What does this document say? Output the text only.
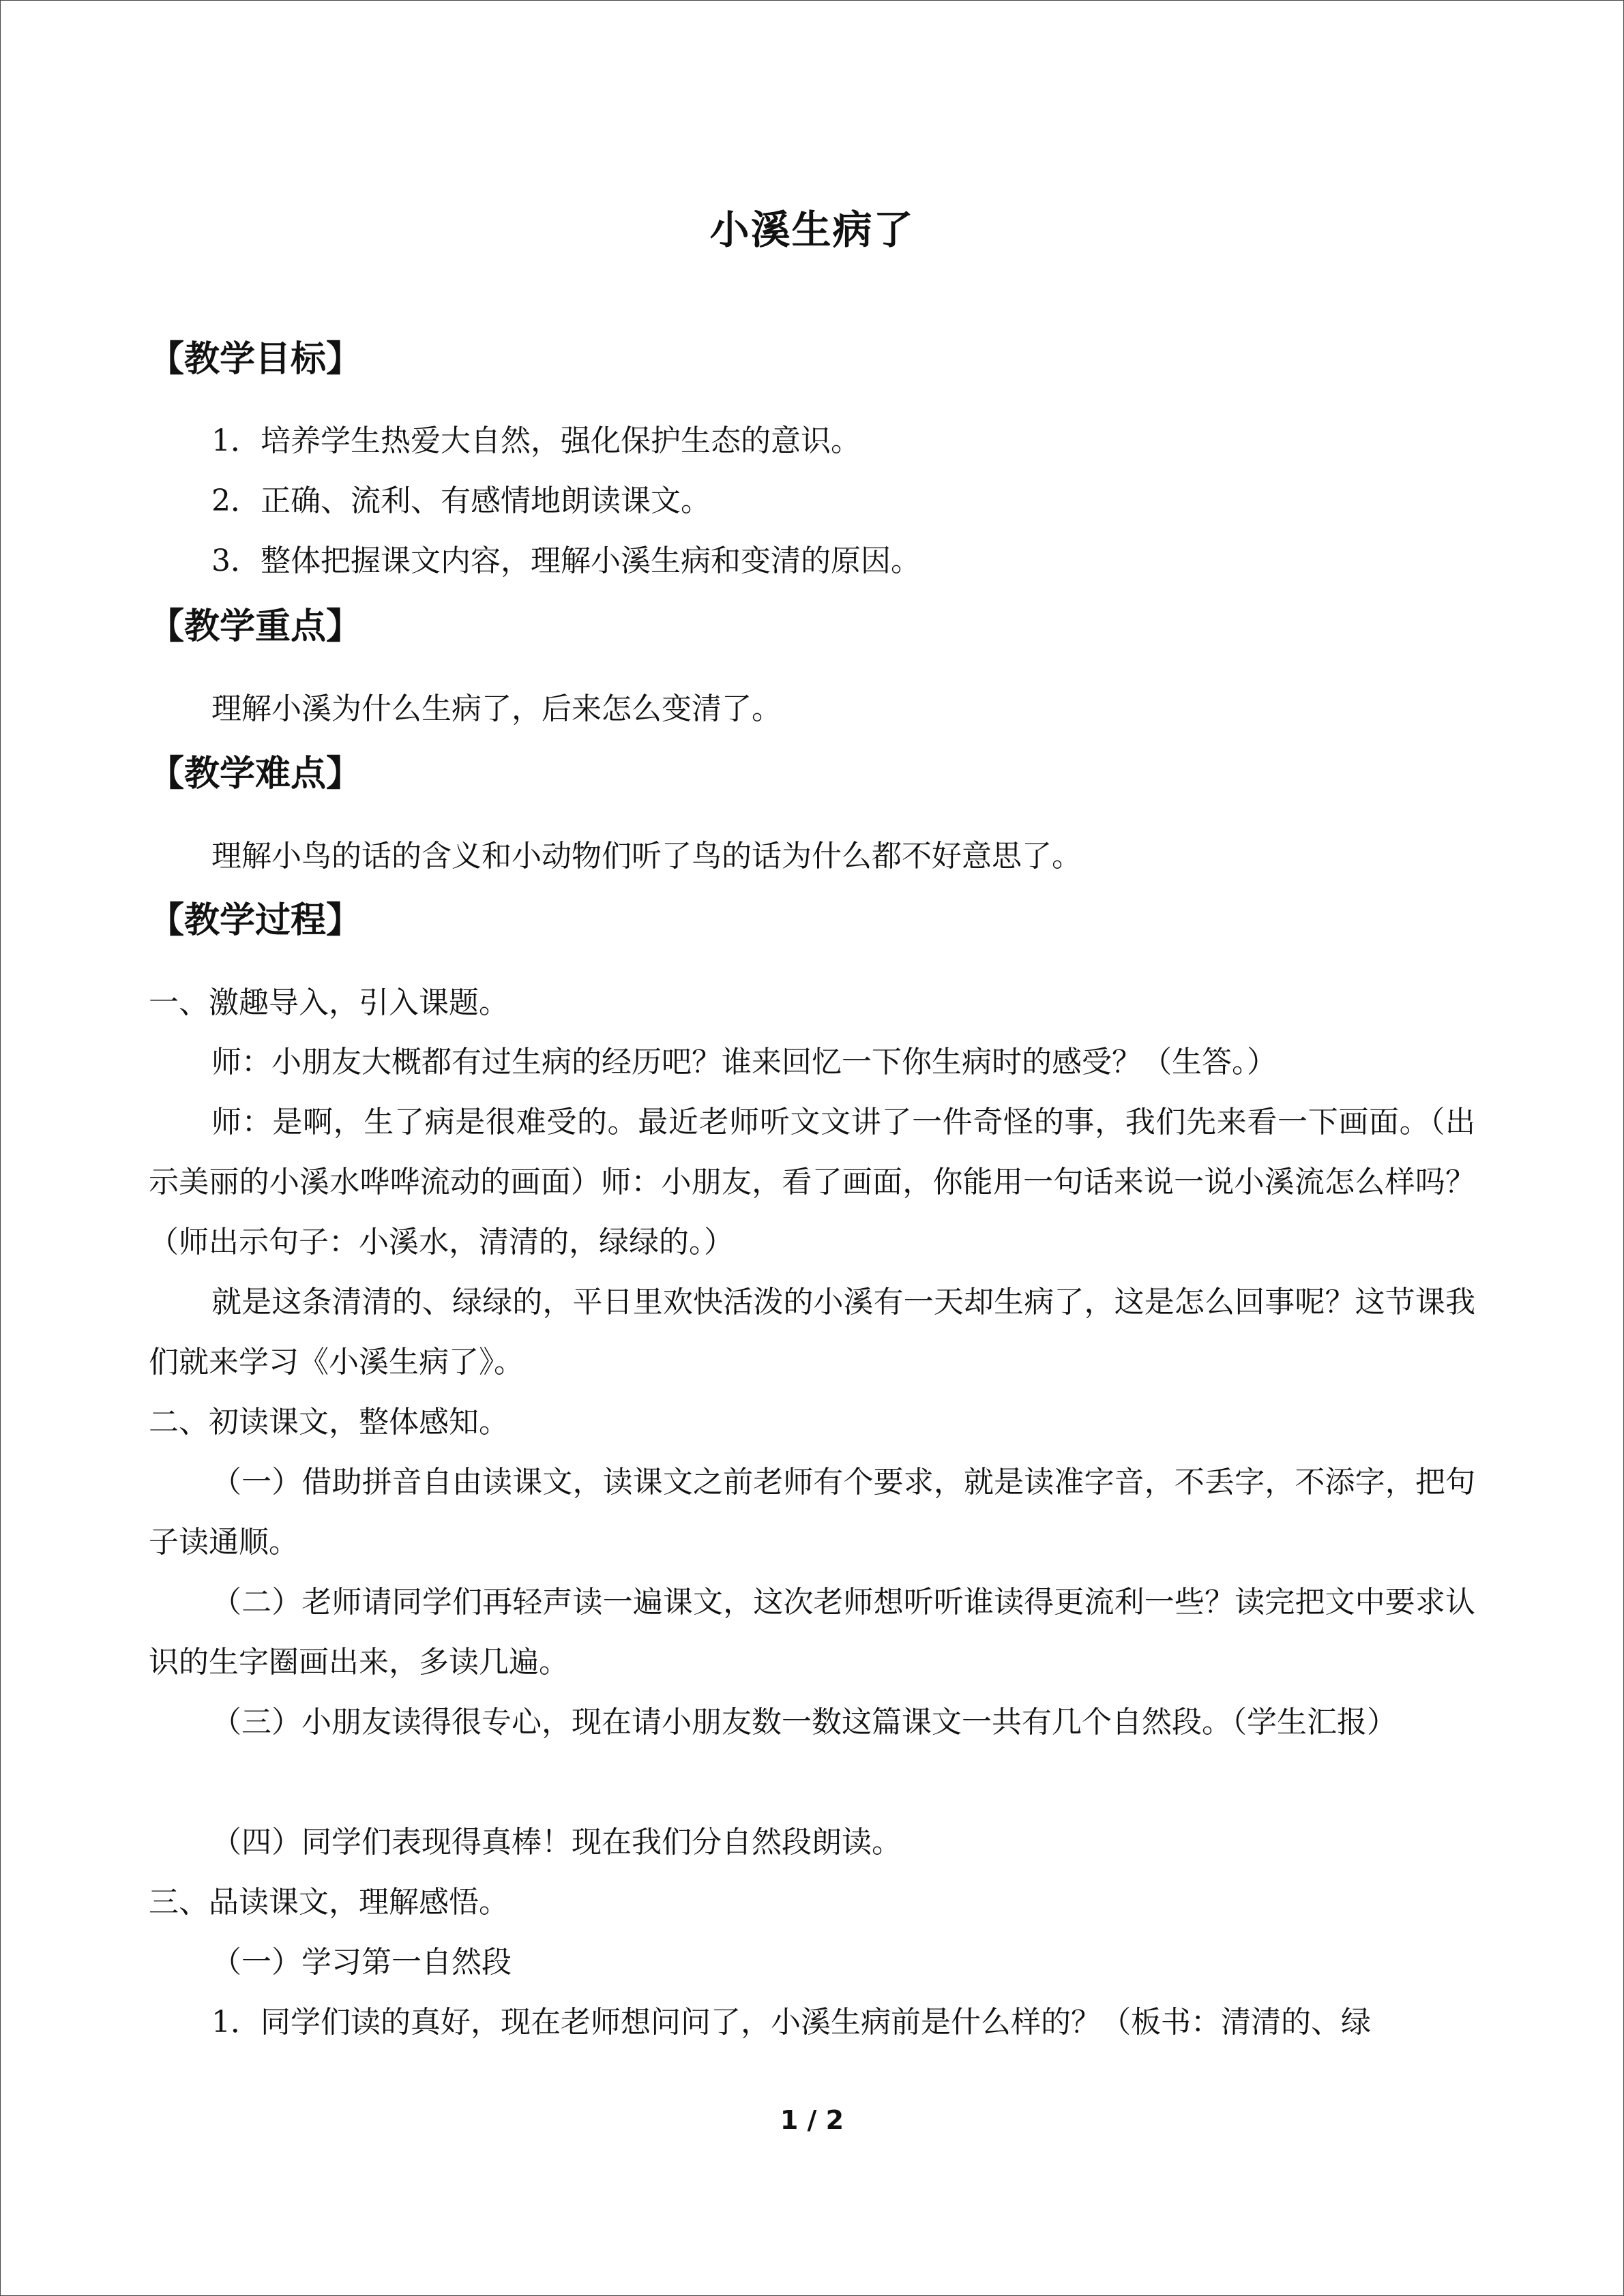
小溪生病了
【教学目标】
1．培养学生热爱大自然，强化保护生态的意识。
2．正确、流利、有感情地朗读课文。
3．整体把握课文内容，理解小溪生病和变清的原因。
【教学重点】
理解小溪为什么生病了，后来怎么变清了。
【教学难点】
理解小鸟的话的含义和小动物们听了鸟的话为什么都不好意思了。
【教学过程】
一、激趣导入，引入课题。
师：小朋友大概都有过生病的经历吧？谁来回忆一下你生病时的感受？（生答。）
师：是啊，生了病是很难受的。最近老师听文文讲了一件奇怪的事，我们先来看一下画面。（出示美丽的小溪水哗哗流动的画面）师：小朋友，看了画面，你能用一句话来说一说小溪流怎么样吗？（师出示句子：小溪水，清清的，绿绿的。）
就是这条清清的、绿绿的，平日里欢快活泼的小溪有一天却生病了，这是怎么回事呢？这节课我们就来学习《小溪生病了》。
二、初读课文，整体感知。
（一）借助拼音自由读课文，读课文之前老师有个要求，就是读准字音，不丢字，不添字，把句子读通顺。
（二）老师请同学们再轻声读一遍课文，这次老师想听听谁读得更流利一些？读完把文中要求认识的生字圈画出来，多读几遍。
（三）小朋友读得很专心，现在请小朋友数一数这篇课文一共有几个自然段。（学生汇报）
（四）同学们表现得真棒！现在我们分自然段朗读。
三、品读课文，理解感悟。
（一）学习第一自然段
1．同学们读的真好，现在老师想问问了，小溪生病前是什么样的？（板书：清清的、绿
1 / 2
